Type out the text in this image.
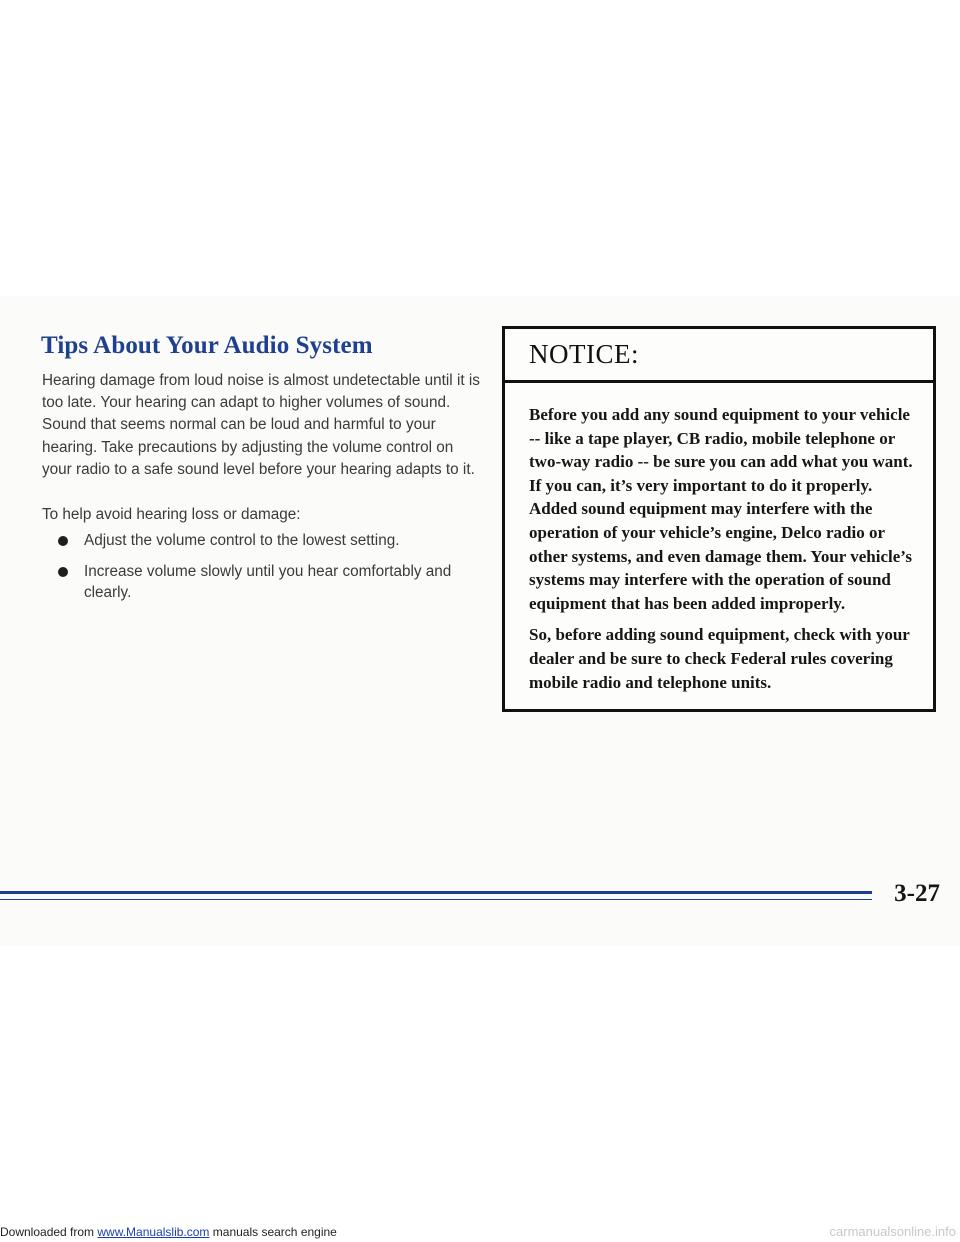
Tips About Your Audio System

Hearing damage from loud noise is almost undetectable until it is too late. Your hearing can adapt to higher volumes of sound. Sound that seems normal can be loud and harmful to your hearing. Take precautions by adjusting the volume control on your radio to a safe sound level before your hearing adapts to it.

To help avoid hearing loss or damage:

Adjust the volume control to the lowest setting.
Increase volume slowly until you hear comfortably and clearly.
NOTICE:

Before you add any sound equipment to your vehicle -- like a tape player, CB radio, mobile telephone or two-way radio -- be sure you can add what you want. If you can, it’s very important to do it properly. Added sound equipment may interfere with the operation of your vehicle’s engine, Delco radio or other systems, and even damage them. Your vehicle’s systems may interfere with the operation of sound equipment that has been added improperly.

So, before adding sound equipment, check with your dealer and be sure to check Federal rules covering mobile radio and telephone units.

3-27

Downloaded from www.Manualslib.com manuals search engine	carmanualsonline.info
